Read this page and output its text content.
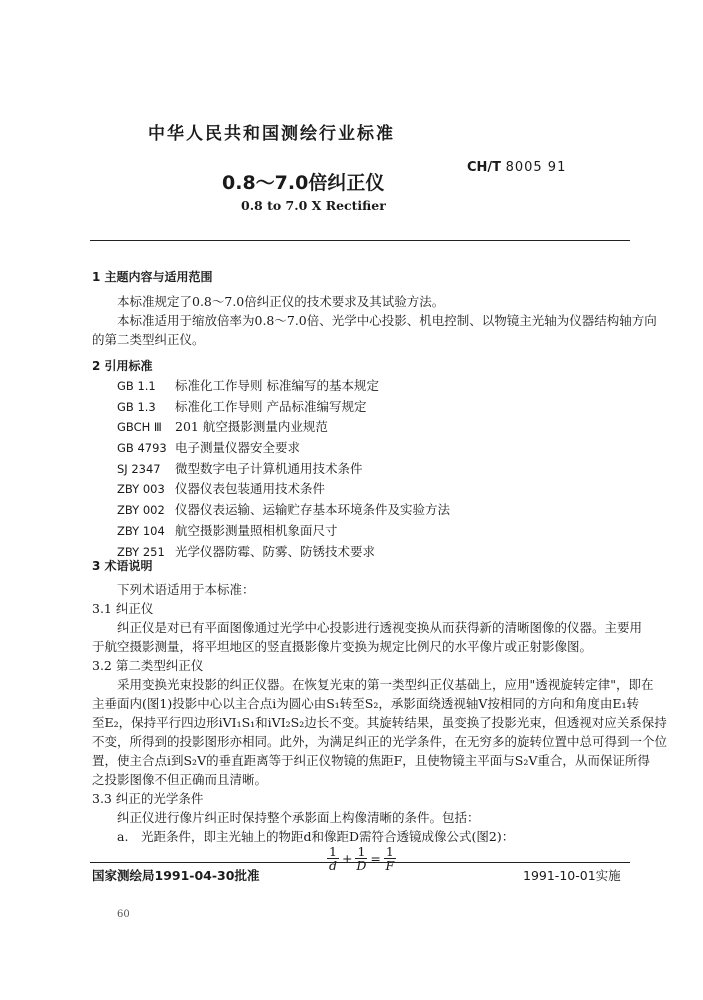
中华人民共和国测绘行业标准
CH/T 8005 91
0.8～7.0倍纠正仪
0.8 to 7.0 X Rectifier
1 主题内容与适用范围
本标准规定了0.8～7.0倍纠正仪的技术要求及其试验方法。
本标准适用于缩放倍率为0.8～7.0倍、光学中心投影、机电控制、以物镜主光轴为仪器结构轴方向
的第二类型纠正仪。
2 引用标准
GB 1.1 标准化工作导则 标准编写的基本规定
GB 1.3 标准化工作导则 产品标准编写规定
GBCH Ⅲ 201 航空摄影测量内业规范
GB 4793 电子测量仪器安全要求
SJ 2347 微型数字电子计算机通用技术条件
ZBY 003 仪器仪表包装通用技术条件
ZBY 002 仪器仪表运输、运输贮存基本环境条件及实验方法
ZBY 104 航空摄影测量照相机象面尺寸
ZBY 251 光学仪器防霉、防雾、防锈技术要求
3 术语说明
下列术语适用于本标准：
3.1 纠正仪
纠正仪是对已有平面图像通过光学中心投影进行透视变换从而获得新的清晰图像的仪器。主要用
于航空摄影测量，将平坦地区的竖直摄影像片变换为规定比例尺的水平像片或正射影像图。
3.2 第二类型纠正仪
采用变换光束投影的纠正仪器。在恢复光束的第一类型纠正仪基础上，应用"透视旋转定律"，即在
主垂面内(图1)投影中心以主合点i为圆心由S₁转至S₂，承影面绕透视轴V按相同的方向和角度由E₁转
至E₂，保持平行四边形iVI₁S₁和iVI₂S₂边长不变。其旋转结果，虽变换了投影光束，但透视对应关系保持
不变，所得到的投影图形亦相同。此外，为满足纠正的光学条件，在无穷多的旋转位置中总可得到一个位
置，使主合点i到S₂V的垂直距离等于纠正仪物镜的焦距F，且使物镜主平面与S₂V重合，从而保证所得
之投影图像不但正确而且清晰。
3.3 纠正的光学条件
纠正仪进行像片纠正时保持整个承影面上构像清晰的条件。包括：
a. 光距条件，即主光轴上的物距d和像距D需符合透镜成像公式(图2)：
$\frac{1}{d} + \frac{1}{D} = \frac{1}{F}$
国家测绘局1991-04-30批准	1991-10-01实施
60
